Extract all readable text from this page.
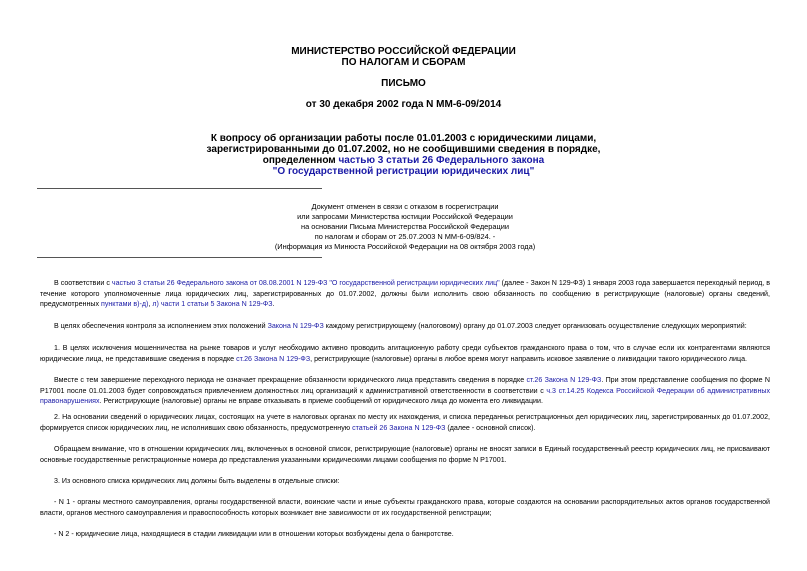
МИНИСТЕРСТВО РОССИЙСКОЙ ФЕДЕРАЦИИ
ПО НАЛОГАМ И СБОРАМ
ПИСЬМО
от 30 декабря 2002 года N ММ-6-09/2014
К вопросу об организации работы после 01.01.2003 с юридическими лицами,
зарегистрированными до 01.07.2002, но не сообщившими сведения в порядке,
определенном частью 3 статьи 26 Федерального закона
"О государственной регистрации юридических лиц"
Документ отменен в связи с отказом в госрегистрации
или запросами Министерства юстиции Российской Федерации
на основании Письма Министерства Российской Федерации
по налогам и сборам от 25.07.2003 N ММ-6-09/824. -
(Информация из Минюста Российской Федерации на 08 октября 2003 года)
В соответствии с частью 3 статьи 26 Федерального закона от 08.08.2001 N 129-ФЗ "О государственной регистрации юридических лиц" (далее - Закон N 129-ФЗ) 1 января 2003 года завершается переходный период, в течение которого уполномоченные лица юридических лиц, зарегистрированных до 01.07.2002, должны были исполнить свою обязанность по сообщению в регистрирующие (налоговые) органы сведений, предусмотренных пунктами в)-д), л) части 1 статьи 5 Закона N 129-ФЗ.
В целях обеспечения контроля за исполнением этих положений Закона N 129-ФЗ каждому регистрирующему (налоговому) органу до 01.07.2003 следует организовать осуществление следующих мероприятий:
1. В целях исключения мошенничества на рынке товаров и услуг необходимо активно проводить агитационную работу среди субъектов гражданского права о том, что в случае если их контрагентами являются юридические лица, не представившие сведения в порядке ст.26 Закона N 129-ФЗ, регистрирующие (налоговые) органы в любое время могут направить исковое заявление о ликвидации такого юридического лица.
Вместе с тем завершение переходного периода не означает прекращение обязанности юридического лица представить сведения в порядке ст.26 Закона N 129-ФЗ. При этом представление сообщения по форме N Р17001 после 01.01.2003 будет сопровождаться привлечением должностных лиц организаций к административной ответственности в соответствии с ч.3 ст.14.25 Кодекса Российской Федерации об административных правонарушениях. Регистрирующие (налоговые) органы не вправе отказывать в приеме сообщений от юридического лица до момента его ликвидации.
2. На основании сведений о юридических лицах, состоящих на учете в налоговых органах по месту их нахождения, и списка переданных регистрационных дел юридических лиц, зарегистрированных до 01.07.2002, формируется список юридических лиц, не исполнивших свою обязанность, предусмотренную статьей 26 Закона N 129-ФЗ (далее - основной список).
Обращаем внимание, что в отношении юридических лиц, включенных в основной список, регистрирующие (налоговые) органы не вносят записи в Единый государственный реестр юридических лиц, не присваивают основные государственные регистрационные номера до представления указанными юридическими лицами сообщения по форме N Р17001.
3. Из основного списка юридических лиц должны быть выделены в отдельные списки:
- N 1 - органы местного самоуправления, органы государственной власти, воинские части и иные субъекты гражданского права, которые создаются на основании распорядительных актов органов государственной власти, органов местного самоуправления и правоспособность которых возникает вне зависимости от их государственной регистрации;
- N 2 - юридические лица, находящиеся в стадии ликвидации или в отношении которых возбуждены дела о банкротстве.
